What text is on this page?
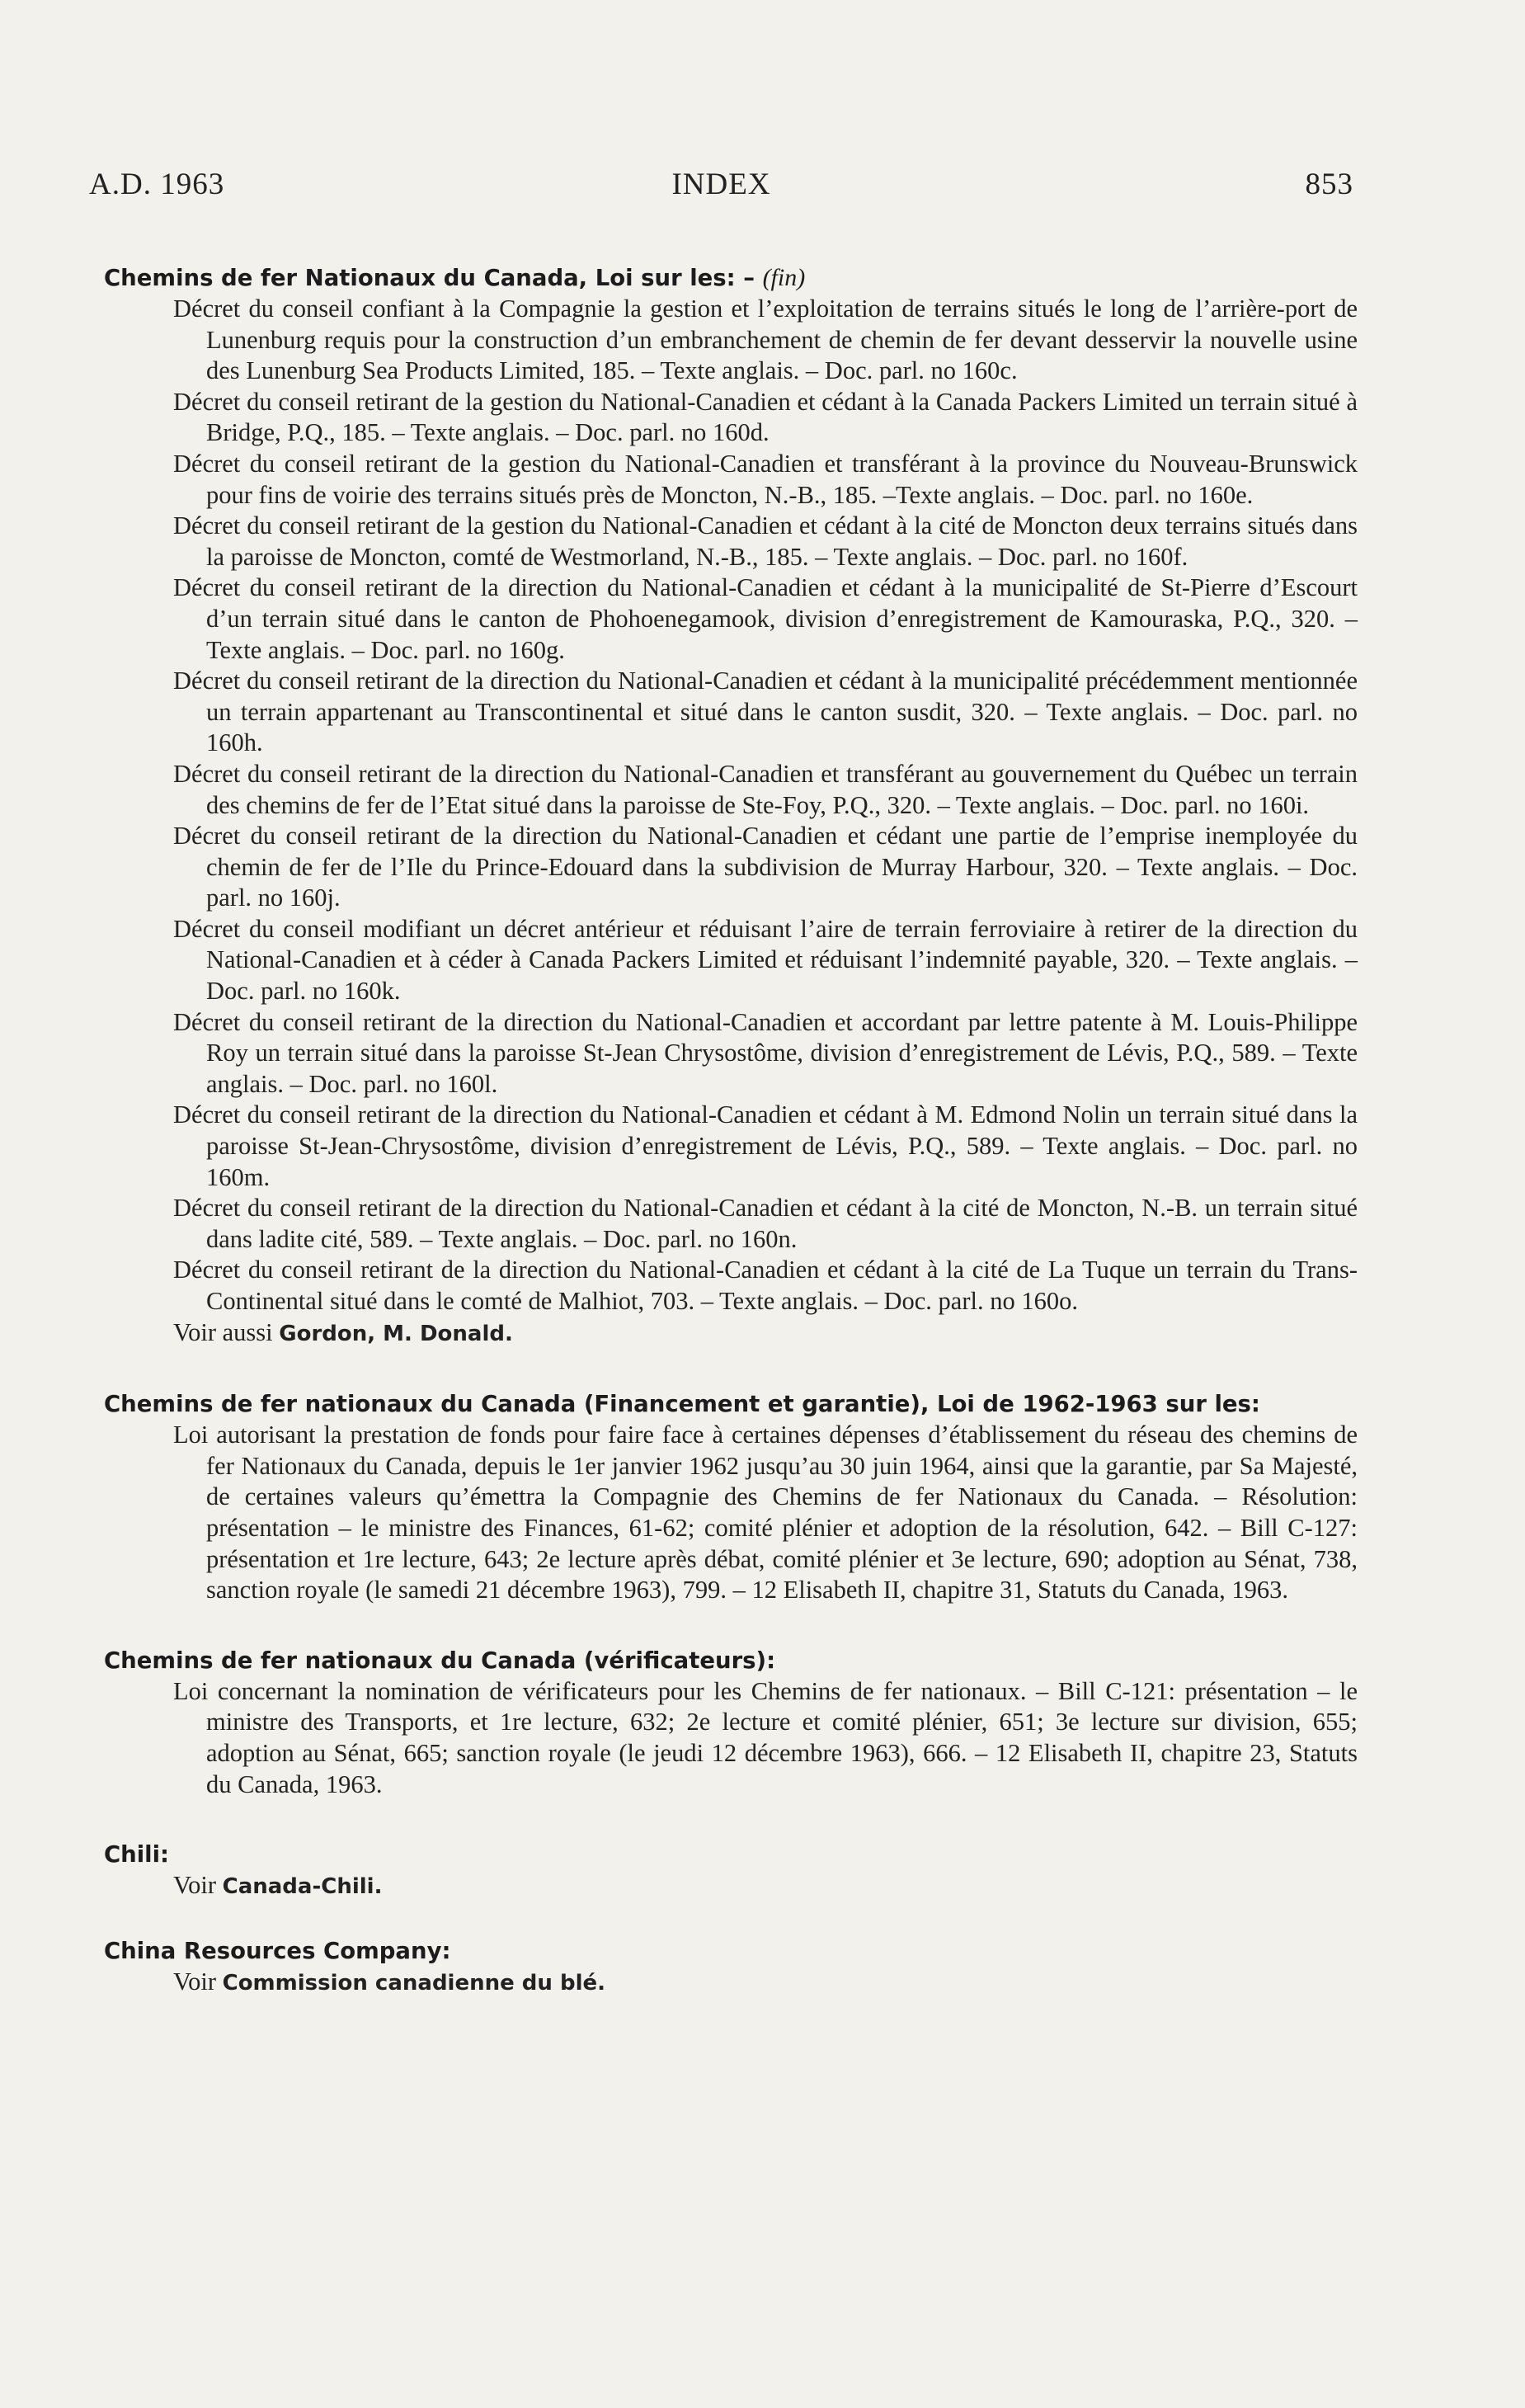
A.D. 1963	INDEX	853
Chemins de fer Nationaux du Canada, Loi sur les: – (fin)
Décret du conseil confiant à la Compagnie la gestion et l’exploitation de terrains situés le long de l’arrière-port de Lunenburg requis pour la construction d’un embranchement de chemin de fer devant desservir la nouvelle usine des Lunenburg Sea Products Limited, 185. – Texte anglais. – Doc. parl. no 160c.
Décret du conseil retirant de la gestion du National-Canadien et cédant à la Canada Packers Limited un terrain situé à Bridge, P.Q., 185. – Texte anglais. – Doc. parl. no 160d.
Décret du conseil retirant de la gestion du National-Canadien et transférant à la province du Nouveau-Brunswick pour fins de voirie des terrains situés près de Moncton, N.-B., 185. –Texte anglais. – Doc. parl. no 160e.
Décret du conseil retirant de la gestion du National-Canadien et cédant à la cité de Moncton deux terrains situés dans la paroisse de Moncton, comté de Westmorland, N.-B., 185. – Texte anglais. – Doc. parl. no 160f.
Décret du conseil retirant de la direction du National-Canadien et cédant à la municipalité de St-Pierre d’Escourt d’un terrain situé dans le canton de Phohoenegamook, division d’enregistrement de Kamouraska, P.Q., 320. – Texte anglais. – Doc. parl. no 160g.
Décret du conseil retirant de la direction du National-Canadien et cédant à la municipalité précédemment mentionnée un terrain appartenant au Transcontinental et situé dans le canton susdit, 320. – Texte anglais. – Doc. parl. no 160h.
Décret du conseil retirant de la direction du National-Canadien et transférant au gouvernement du Québec un terrain des chemins de fer de l’Etat situé dans la paroisse de Ste-Foy, P.Q., 320. – Texte anglais. – Doc. parl. no 160i.
Décret du conseil retirant de la direction du National-Canadien et cédant une partie de l’emprise inemployée du chemin de fer de l’Ile du Prince-Edouard dans la subdivision de Murray Harbour, 320. – Texte anglais. – Doc. parl. no 160j.
Décret du conseil modifiant un décret antérieur et réduisant l’aire de terrain ferroviaire à retirer de la direction du National-Canadien et à céder à Canada Packers Limited et réduisant l’indemnité payable, 320. – Texte anglais. – Doc. parl. no 160k.
Décret du conseil retirant de la direction du National-Canadien et accordant par lettre patente à M. Louis-Philippe Roy un terrain situé dans la paroisse St-Jean Chrysostôme, division d’enregistrement de Lévis, P.Q., 589. – Texte anglais. – Doc. parl. no 160l.
Décret du conseil retirant de la direction du National-Canadien et cédant à M. Edmond Nolin un terrain situé dans la paroisse St-Jean-Chrysostôme, division d’enregistrement de Lévis, P.Q., 589. – Texte anglais. – Doc. parl. no 160m.
Décret du conseil retirant de la direction du National-Canadien et cédant à la cité de Moncton, N.-B. un terrain situé dans ladite cité, 589. – Texte anglais. – Doc. parl. no 160n.
Décret du conseil retirant de la direction du National-Canadien et cédant à la cité de La Tuque un terrain du Trans-Continental situé dans le comté de Malhiot, 703. – Texte anglais. – Doc. parl. no 160o.
Voir aussi Gordon, M. Donald.
Chemins de fer nationaux du Canada (Financement et garantie), Loi de 1962-1963 sur les:
Loi autorisant la prestation de fonds pour faire face à certaines dépenses d’établissement du réseau des chemins de fer Nationaux du Canada, depuis le 1er janvier 1962 jusqu’au 30 juin 1964, ainsi que la garantie, par Sa Majesté, de certaines valeurs qu’émettra la Compagnie des Chemins de fer Nationaux du Canada. – Résolution: présentation – le ministre des Finances, 61-62; comité plénier et adoption de la résolution, 642. – Bill C-127: présentation et 1re lecture, 643; 2e lecture après débat, comité plénier et 3e lecture, 690; adoption au Sénat, 738, sanction royale (le samedi 21 décembre 1963), 799. – 12 Elisabeth II, chapitre 31, Statuts du Canada, 1963.
Chemins de fer nationaux du Canada (vérificateurs):
Loi concernant la nomination de vérificateurs pour les Chemins de fer nationaux. – Bill C-121: présentation – le ministre des Transports, et 1re lecture, 632; 2e lecture et comité plénier, 651; 3e lecture sur division, 655; adoption au Sénat, 665; sanction royale (le jeudi 12 décembre 1963), 666. – 12 Elisabeth II, chapitre 23, Statuts du Canada, 1963.
Chili:
Voir Canada-Chili.
China Resources Company:
Voir Commission canadienne du blé.
